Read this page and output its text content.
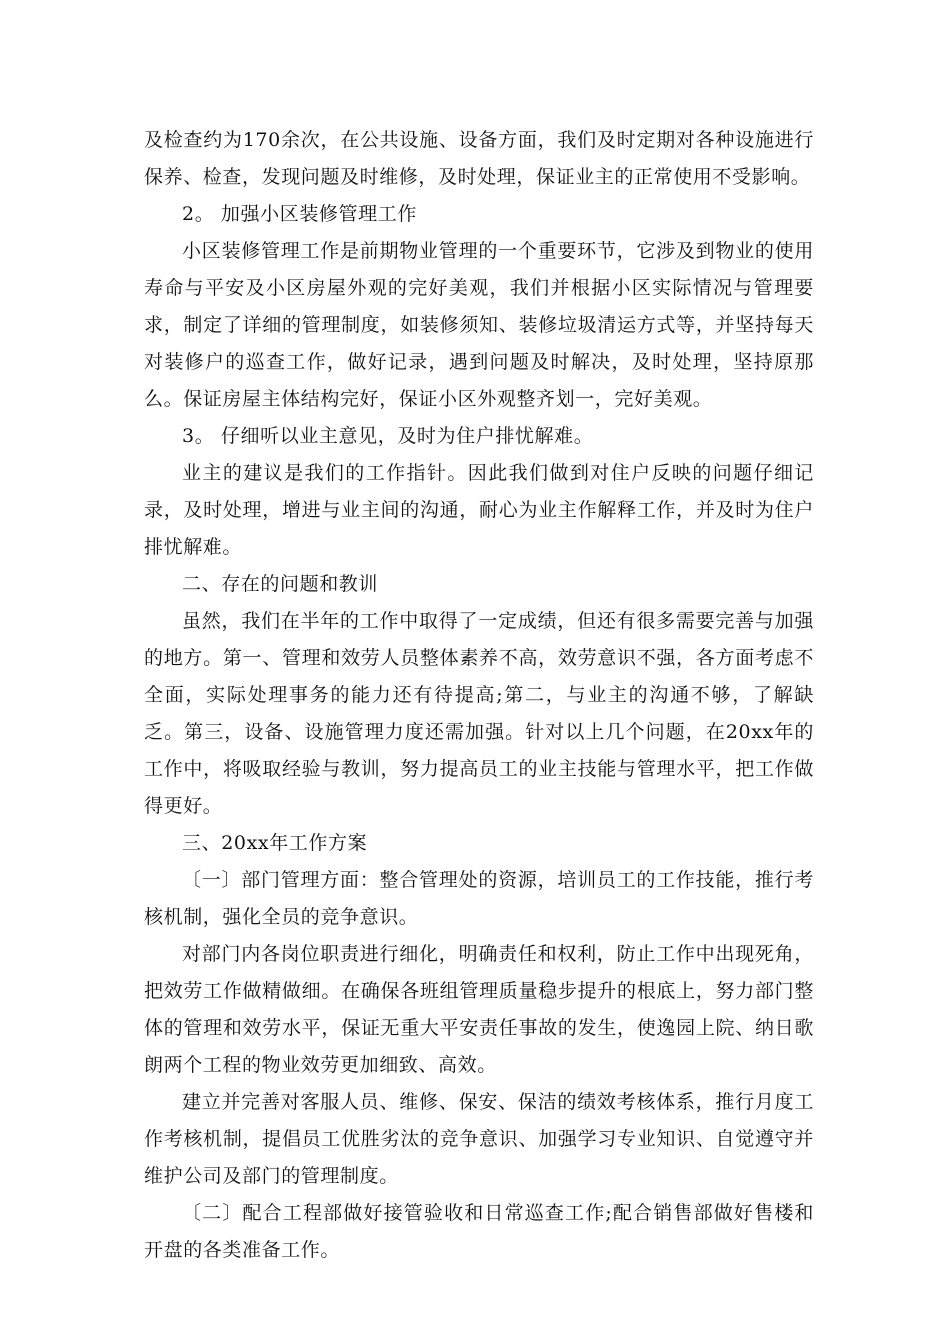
及检查约为170余次，在公共设施、设备方面，我们及时定期对各种设施进行保养、检查，发现问题及时维修，及时处理，保证业主的正常使用不受影响。

2。 加强小区装修管理工作

小区装修管理工作是前期物业管理的一个重要环节，它涉及到物业的使用寿命与平安及小区房屋外观的完好美观，我们并根据小区实际情况与管理要求，制定了详细的管理制度，如装修须知、装修垃圾清运方式等，并坚持每天对装修户的巡查工作，做好记录，遇到问题及时解决，及时处理，坚持原那么。保证房屋主体结构完好，保证小区外观整齐划一，完好美观。

3。 仔细听以业主意见，及时为住户排忧解难。

业主的建议是我们的工作指针。因此我们做到对住户反映的问题仔细记录，及时处理，增进与业主间的沟通，耐心为业主作解释工作，并及时为住户排忧解难。

二、存在的问题和教训

虽然，我们在半年的工作中取得了一定成绩，但还有很多需要完善与加强的地方。第一、管理和效劳人员整体素养不高，效劳意识不强，各方面考虑不全面，实际处理事务的能力还有待提高;第二，与业主的沟通不够，了解缺乏。第三，设备、设施管理力度还需加强。针对以上几个问题，在20xx年的工作中，将吸取经验与教训，努力提高员工的业主技能与管理水平，把工作做得更好。

三、20xx年工作方案

〔一〕部门管理方面：整合管理处的资源，培训员工的工作技能，推行考核机制，强化全员的竞争意识。

对部门内各岗位职责进行细化，明确责任和权利，防止工作中出现死角，把效劳工作做精做细。在确保各班组管理质量稳步提升的根底上，努力部门整体的管理和效劳水平，保证无重大平安责任事故的发生，使逸园上院、纳日歌朗两个工程的物业效劳更加细致、高效。

建立并完善对客服人员、维修、保安、保洁的绩效考核体系，推行月度工作考核机制，提倡员工优胜劣汰的竞争意识、加强学习专业知识、自觉遵守并维护公司及部门的管理制度。

〔二〕配合工程部做好接管验收和日常巡查工作;配合销售部做好售楼和开盘的各类准备工作。
